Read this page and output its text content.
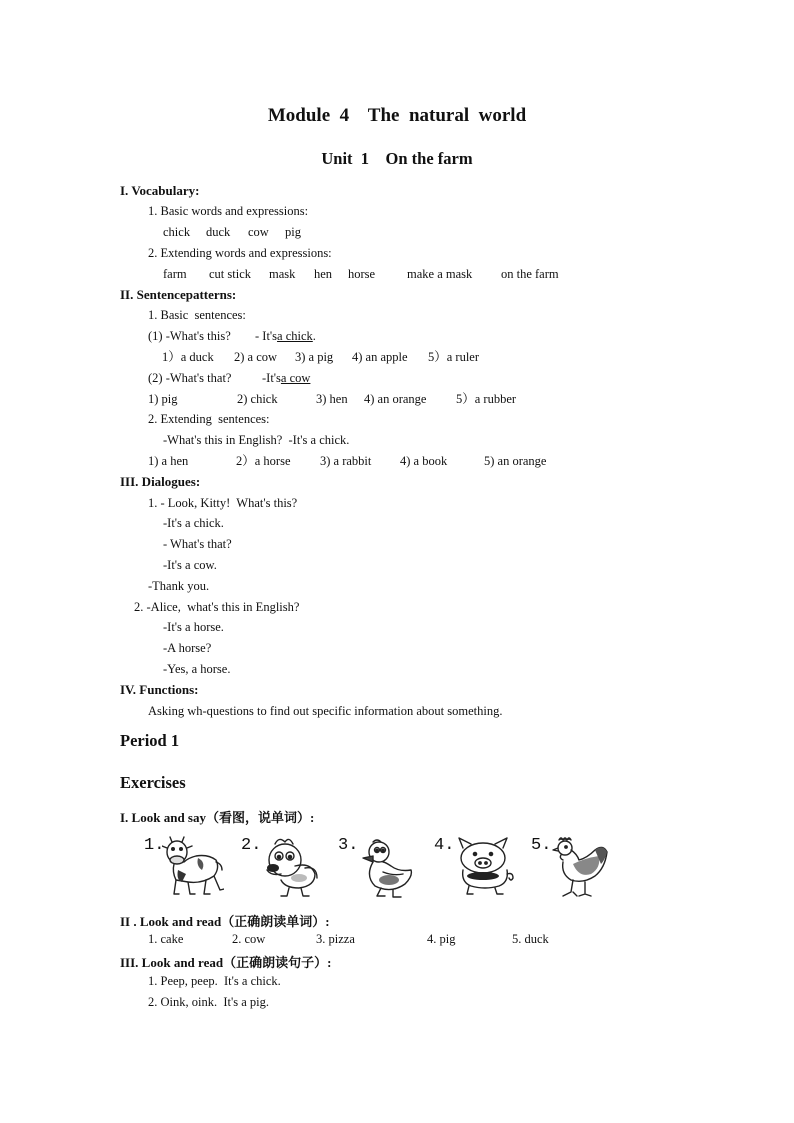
Module  4    The  natural  world
Unit  1    On the farm
I. Vocabulary:
1. Basic words and expressions:
chick duck cow pig
2. Extending words and expressions:
farm cut stick mask hen horse	make a mask on the farm
II. Sentencepatterns:
1. Basic  sentences:
(1) -What's this? - It'sa chick.
1）a duck 2) a cow 3) a pig 4) an apple 5）a ruler
(2) -What's that? -It'sa cow
1) pig	2) chick	3) hen 4) an orange 5）a rubber
2. Extending  sentences:
-What's this in English?  -It's a chick.
1) a hen	2）a horse 3) a rabbit 4) a book	5) an orange
III. Dialogues:
1. - Look, Kitty!  What's this?
-It's a chick.
- What's that?
-It's a cow.
-Thank you.
2. -Alice,  what's this in English?
-It's a horse.
-A horse?
-Yes, a horse.
IV. Functions:
Asking wh-questions to find out specific information about something.
Period 1
Exercises
I. Look and say（看图，说单词）:
1.	2.	3.	4.	5.
II . Look and read（正确朗读单词）:
1. cake	2. cow	3. pizza	4. pig	5. duck
III. Look and read（正确朗读句子）:
1. Peep, peep.  It's a chick.
2. Oink, oink.  It's a pig.
